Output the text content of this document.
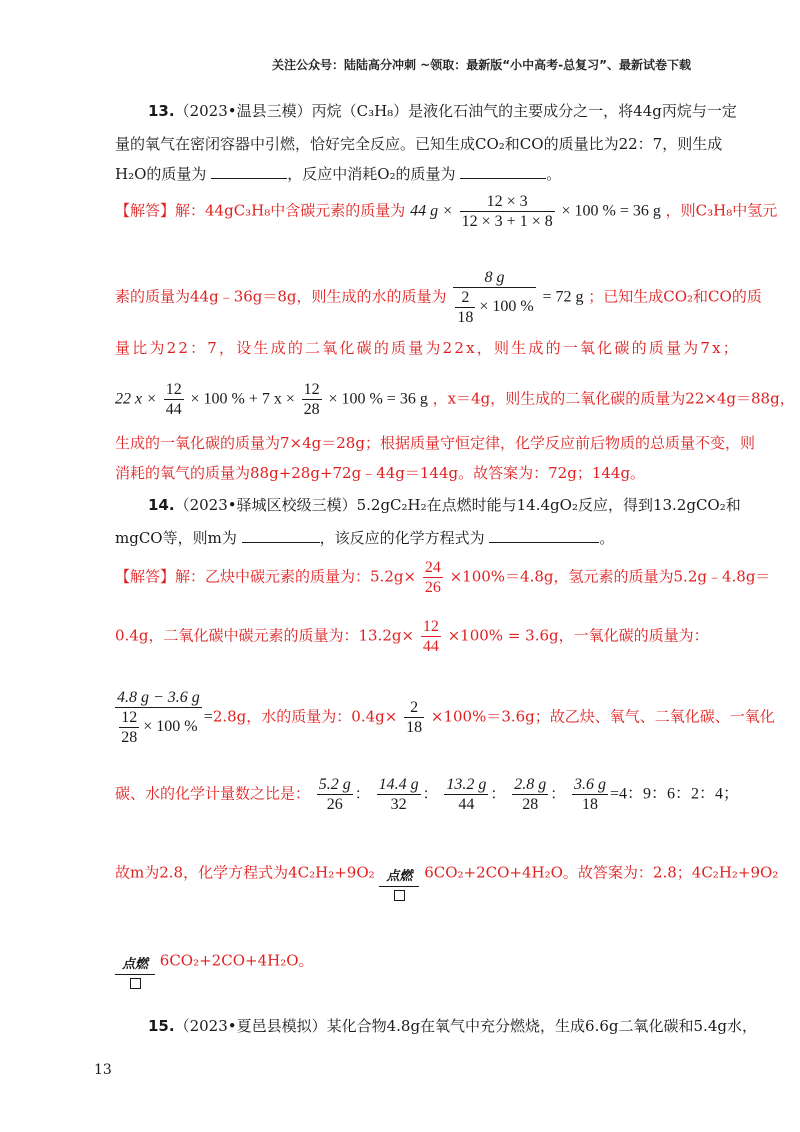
关注公众号：陆陆高分冲刺 ~领取：最新版“小中高考-总复习”、最新试卷下载
13.（2023•温县三模）丙烷（C₃H₈）是液化石油气的主要成分之一，将44g丙烷与一定
量的氧气在密闭容器中引燃，恰好完全反应。已知生成CO₂和CO的质量比为22：7，则生成
H₂O的质量为	，反应中消耗O₂的质量为	。
【解答】解：44gC₃H₈中含碳元素的质量为 44 $g \times \frac{12 \times 3}{12 \times 3 + 1 \times 8} \times 100$ % = 36 g ，则C₃H₈中氢元
素的质量为44g﹣36g＝8g，则生成的水的质量为 $\frac{8 g}{\frac{2}{18} \times 100 \%} = 72$ g ；已知生成CO₂和CO的质
量比为22：7，设生成的二氧化碳的质量为22x，则生成的一氧化碳的质量为7x；
22 $x \times \frac{12}{44} \times 100$ % + 7 $x \times \frac{12}{28} \times 100$ % = 36 g ，x＝4g，则生成的二氧化碳的质量为22×4g＝88g，
生成的一氧化碳的质量为7×4g＝28g；根据质量守恒定律，化学反应前后物质的总质量不变，则
消耗的氧气的质量为88g+28g+72g﹣44g＝144g。故答案为：72g；144g。
14.（2023•驿城区校级三模）5.2gC₂H₂在点燃时能与14.4gO₂反应，得到13.2gCO₂和
mgCO等，则m为	，该反应的化学方程式为	。
【解答】解：乙炔中碳元素的质量为：$5.2g\times \frac{24}{26} \times 100\%=4.8g$，氢元素的质量为5.2g﹣4.8g＝
0.4g，二氧化碳中碳元素的质量为：$13.2g\times \frac{12}{44} \times 100\% = 3.6g$，一氧化碳的质量为：
$\frac{4.8 g - 3.6 g}{\frac{12}{28} \times 100 \%} =2.8g$，水的质量为：$0.4g\times \frac{2}{18} \times 100\%=3.6g$；故乙炔、氧气、二氧化碳、一氧化
碳、水的化学计量数之比是： $\frac{5.2 g}{26}$ ： $\frac{14.4 g}{32}$ ： $\frac{13.2 g}{44}$ ： $\frac{2.8 g}{28}$ ： $\frac{3.6 g}{18} =4$：9：6：2：4；
故m为2.8，化学方程式为4C₂H₂+9O₂ 点燃 6CO₂+2CO+4H₂O。故答案为：2.8；4C₂H₂+9O₂
点燃 6CO₂+2CO+4H₂O。
15.（2023•夏邑县模拟）某化合物4.8g在氧气中充分燃烧，生成6.6g二氧化碳和5.4g水，
13
